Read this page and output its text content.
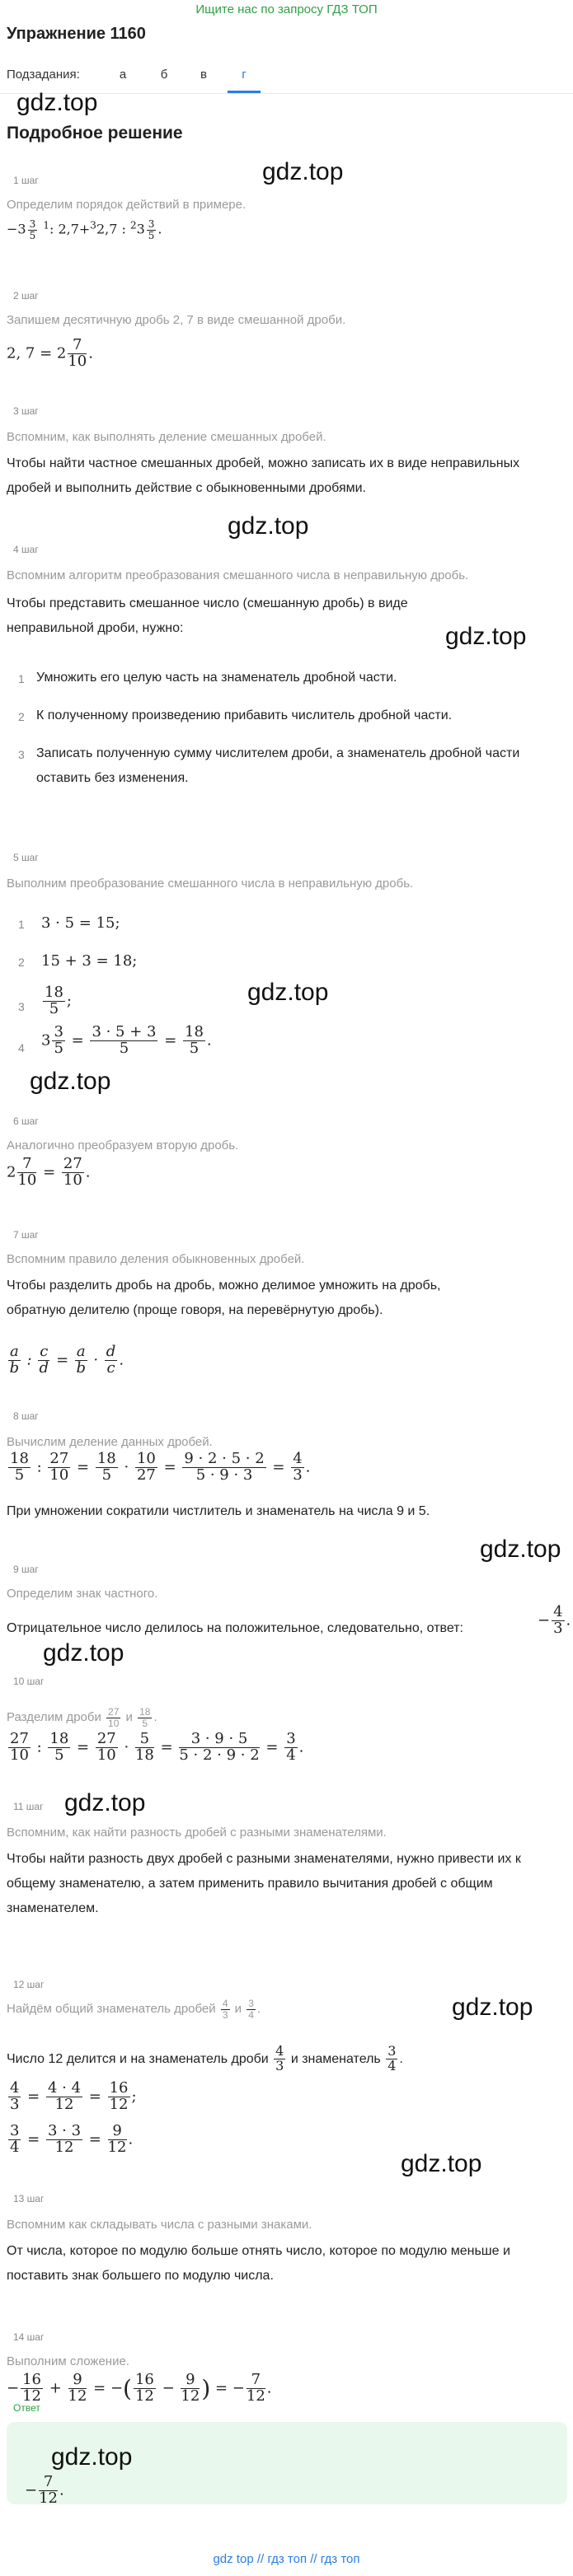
Ищите нас по запросу ГДЗ ТОП
Упражнение 1160
Подзадания:	а	б	в	г
gdz.top
Подробное решение
gdz.top
1 шаг
Определим порядок действий в примере.
$-3 \frac{3}{5} ^1$: 2,7+$^3$2,7 : $^23 \frac{3}{5}$ .
2 шаг
Запишем десятичную дробь 2, 7 в виде смешанной дроби.
2, $7 = 2 \frac{7}{10}$ .
3 шаг
Вспомним, как выполнять деление смешанных дробей.
Чтобы найти частное смешанных дробей, можно записать их в виде неправильных дробей и выполнить действие с обыкновенными дробями.
gdz.top
4 шаг
Вспомним алгоритм преобразования смешанного числа в неправильную дробь.
Чтобы представить смешанное число (смешанную дробь) в виде неправильной дроби, нужно:	gdz.top
1 Умножить его целую часть на знаменатель дробной части.
2 К полученному произведению прибавить числитель дробной части.
3 Записать полученную сумму числителем дроби, а знаменатель дробной части оставить без изменения.
5 шаг
Выполним преобразование смешанного числа в неправильную дробь.
1 3 · 5 = 15;
2 15 + 3 = 18;
$3 \frac{18}{5}$ ;	gdz.top
4 $3 \frac{3}{5} = \frac{3 \cdot 5 + 3}{5} = \frac{18}{5}$ .
gdz.top
6 шаг
Аналогично преобразуем вторую дробь.
$2 \frac{7}{10} = \frac{27}{10}$ .
7 шаг
Вспомним правило деления обыкновенных дробей.
Чтобы разделить дробь на дробь, можно делимое умножить на дробь, обратную делителю (проще говоря, на перевёрнутую дробь).
$\frac{a}{b}$ : $\frac{c}{d} = \frac{a}{b} \cdot \frac{d}{c}$ .
8 шаг
Вычислим деление данных дробей.
$\frac{18}{5}$ : $\frac{27}{10} = \frac{18}{5} \cdot \frac{10}{27} = \frac{9 \cdot 2 \cdot 5 \cdot 2}{5 \cdot 9 \cdot 3} = \frac{4}{3}$ .
При умножении сократили чистлитель и знаменатель на числа 9 и 5.
gdz.top
9 шаг
Определим знак частного.
Отрицательное число делилось на положительное, следовательно, ответ:	− $\frac{4}{3}$ .
gdz.top
10 шаг
Разделим дроби $\frac{27}{10}$ и $\frac{18}{5}$ .
$\frac{27}{10}$ : $\frac{18}{5} = \frac{27}{10} \cdot \frac{5}{18} = \frac{3 \cdot 9 \cdot 5}{5 \cdot 2 \cdot 9 \cdot 2} = \frac{3}{4}$ .
11 шаг gdz.top
Вспомним, как найти разность дробей с разными знаменателями.
Чтобы найти разность двух дробей с разными знаменателями, нужно привести их к общему знаменателю, а затем применить правило вычитания дробей с общим знаменателем.
12 шаг
Найдём общий знаменатель дробей $\frac{4}{3}$ и $\frac{3}{4}$ .	gdz.top
Число 12 делится и на знаменатель дроби $\frac{4}{3}$ и знаменатель $\frac{3}{4}$ .
$\frac{4}{3} = \frac{4 \cdot 4}{12} = \frac{16}{12}$ ;
$\frac{3}{4} = \frac{3 \cdot 3}{12} = \frac{9}{12}$ .
gdz.top
13 шаг
Вспомним как складывать числа с разными знаками.
От числа, которое по модулю больше отнять число, которое по модулю меньше и поставить знак большего по модулю числа.
14 шаг
Выполним сложение.
− $\frac{16}{12} + \frac{9}{12}$ = −( $\frac{16}{12} - \frac{9}{12}$ ) = − $\frac{7}{12}$ .
Ответ
gdz.top
− $\frac{7}{12}$ .
gdz top // гдз топ // гдз топ
